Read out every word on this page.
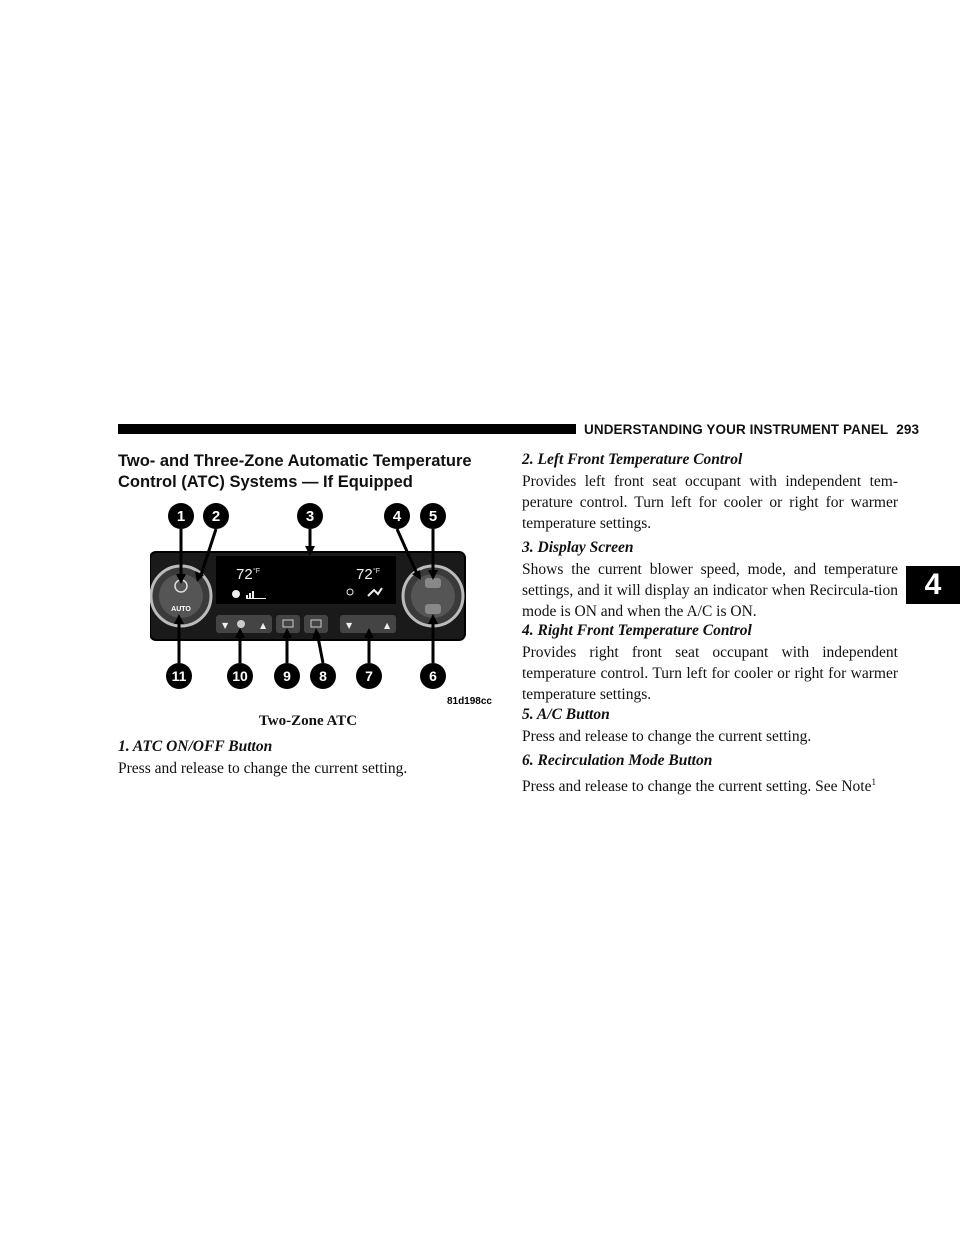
UNDERSTANDING YOUR INSTRUMENT PANEL 293
4
Two- and Three-Zone Automatic Temperature Control (ATC) Systems — If Equipped
1 2	3	4 5
11	10	9 8	7	6
AUTO
72 °F	72 °F
▼	▲	▼	▲
81d198cc
Two-Zone ATC
1. ATC ON/OFF Button

Press and release to change the current setting.

2. Left Front Temperature Control

Provides left front seat occupant with independent tem-perature control. Turn left for cooler or right for warmer temperature settings.

3. Display Screen

Shows the current blower speed, mode, and temperature settings, and it will display an indicator when Recircula-tion mode is ON and when the A/C is ON.

4. Right Front Temperature Control

Provides right front seat occupant with independent temperature control. Turn left for cooler or right for warmer temperature settings.

5. A/C Button

Press and release to change the current setting.

6. Recirculation Mode Button

Press and release to change the current setting. See Note$^1$
